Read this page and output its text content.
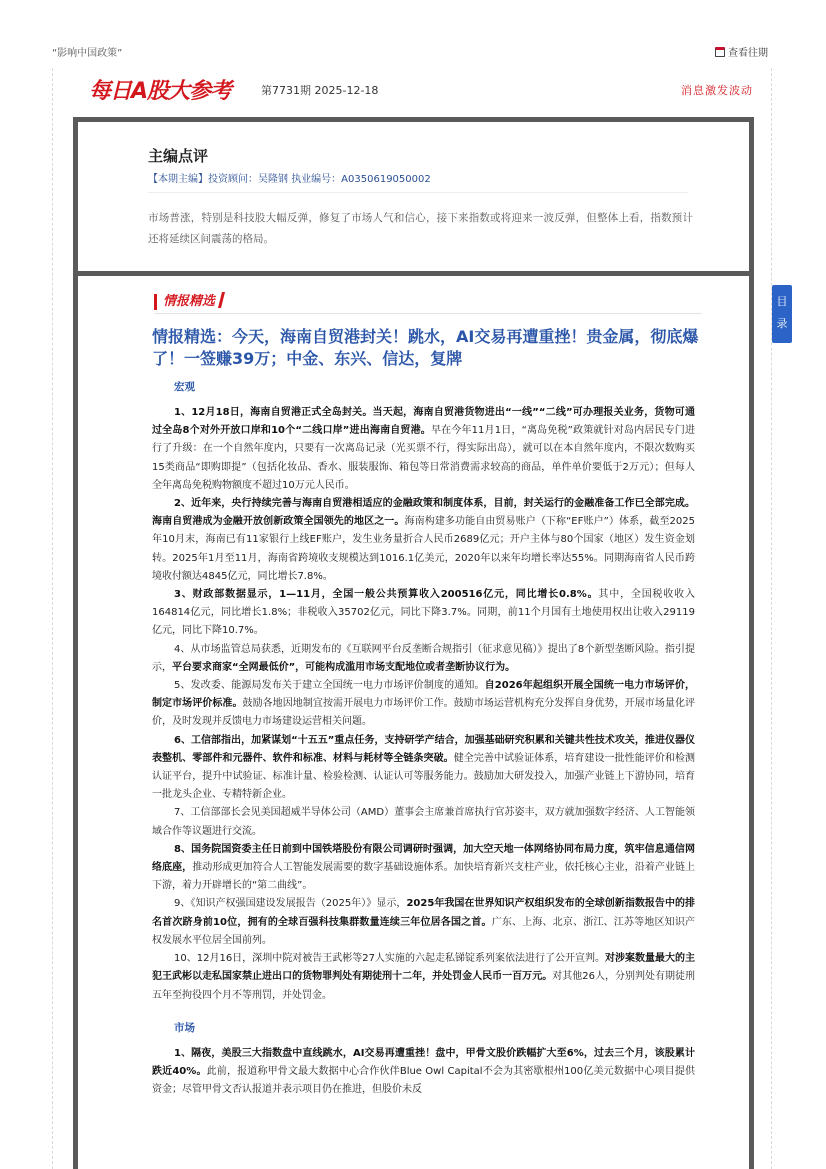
“影响中国政策”	查看往期
每日A股大参考	第7731期 2025-12-18	消息激发波动
主编点评
【本期主编】投资顾问：吴隆钢 执业编号：A0350619050002
市场普涨，特别是科技股大幅反弹，修复了市场人气和信心，接下来指数或将迎来一波反弹，但整体上看，指数预计还将延续区间震荡的格局。
情报精选
情报精选：今天，海南自贸港封关！跳水，AI交易再遭重挫！贵金属，彻底爆了！一签赚39万；中金、东兴、信达，复牌
宏观

1、12月18日，海南自贸港正式全岛封关。当天起，海南自贸港货物进出“一线”“二线”可办理报关业务，货物可通过全岛8个对外开放口岸和10个“二线口岸”进出海南自贸港。早在今年11月1日，“离岛免税”政策就针对岛内居民专门进行了升级：在一个自然年度内，只要有一次离岛记录（光买票不行，得实际出岛），就可以在本自然年度内，不限次数购买15类商品“即购即提”（包括化妆品、香水、服装服饰、箱包等日常消费需求较高的商品，单件单价要低于2万元）；但每人全年离岛免税购物额度不超过10万元人民币。

2、近年来，央行持续完善与海南自贸港相适应的金融政策和制度体系，目前，封关运行的金融准备工作已全部完成。海南自贸港成为金融开放创新政策全国领先的地区之一。海南构建多功能自由贸易账户（下称“EF账户”）体系，截至2025年10月末，海南已有11家银行上线EF账户，发生业务量折合人民币2689亿元；开户主体与80个国家（地区）发生资金划转。2025年1月至11月，海南省跨境收支规模达到1016.1亿美元，2020年以来年均增长率达55%。同期海南省人民币跨境收付额达4845亿元，同比增长7.8%。

3、财政部数据显示，1—11月，全国一般公共预算收入200516亿元，同比增长0.8%。其中，全国税收收入164814亿元，同比增长1.8%；非税收入35702亿元，同比下降3.7%。同期，前11个月国有土地使用权出让收入29119亿元，同比下降10.7%。

4、从市场监管总局获悉，近期发布的《互联网平台反垄断合规指引（征求意见稿）》提出了8个新型垄断风险。指引提示，平台要求商家“全网最低价”，可能构成滥用市场支配地位或者垄断协议行为。

5、发改委、能源局发布关于建立全国统一电力市场评价制度的通知。自2026年起组织开展全国统一电力市场评价，制定市场评价标准。鼓励各地因地制宜按需开展电力市场评价工作。鼓励市场运营机构充分发挥自身优势，开展市场量化评价，及时发现并反馈电力市场建设运营相关问题。

6、工信部指出，加紧谋划“十五五”重点任务，支持研学产结合，加强基础研究积累和关键共性技术攻关，推进仪器仪表整机、零部件和元器件、软件和标准、材料与耗材等全链条突破。健全完善中试验证体系，培育建设一批性能评价和检测认证平台，提升中试验证、标准计量、检验检测、认证认可等服务能力。鼓励加大研发投入，加强产业链上下游协同，培育一批龙头企业、专精特新企业。

7、工信部部长会见美国超威半导体公司（AMD）董事会主席兼首席执行官苏姿丰，双方就加强数字经济、人工智能领域合作等议题进行交流。

8、国务院国资委主任日前到中国铁塔股份有限公司调研时强调，加大空天地一体网络协同布局力度，筑牢信息通信网络底座，推动形成更加符合人工智能发展需要的数字基础设施体系。加快培育新兴支柱产业，依托核心主业，沿着产业链上下游，着力开辟增长的“第二曲线”。

9、《知识产权强国建设发展报告（2025年）》显示，2025年我国在世界知识产权组织发布的全球创新指数报告中的排名首次跻身前10位，拥有的全球百强科技集群数量连续三年位居各国之首。广东、上海、北京、浙江、江苏等地区知识产权发展水平位居全国前列。

10、12月16日，深圳中院对被告王武彬等27人实施的六起走私锑锭系列案依法进行了公开宣判。对涉案数量最大的主犯王武彬以走私国家禁止进出口的货物罪判处有期徒刑十二年，并处罚金人民币一百万元。对其他26人，分别判处有期徒刑五年至拘役四个月不等刑罚，并处罚金。

市场

1、隔夜，美股三大指数盘中直线跳水，AI交易再遭重挫！盘中，甲骨文股价跌幅扩大至6%，过去三个月，该股累计跌近40%。此前，报道称甲骨文最大数据中心合作伙伴Blue Owl Capital不会为其密歇根州100亿美元数据中心项目提供资金；尽管甲骨文否认报道并表示项目仍在推进，但股价未反

目录
